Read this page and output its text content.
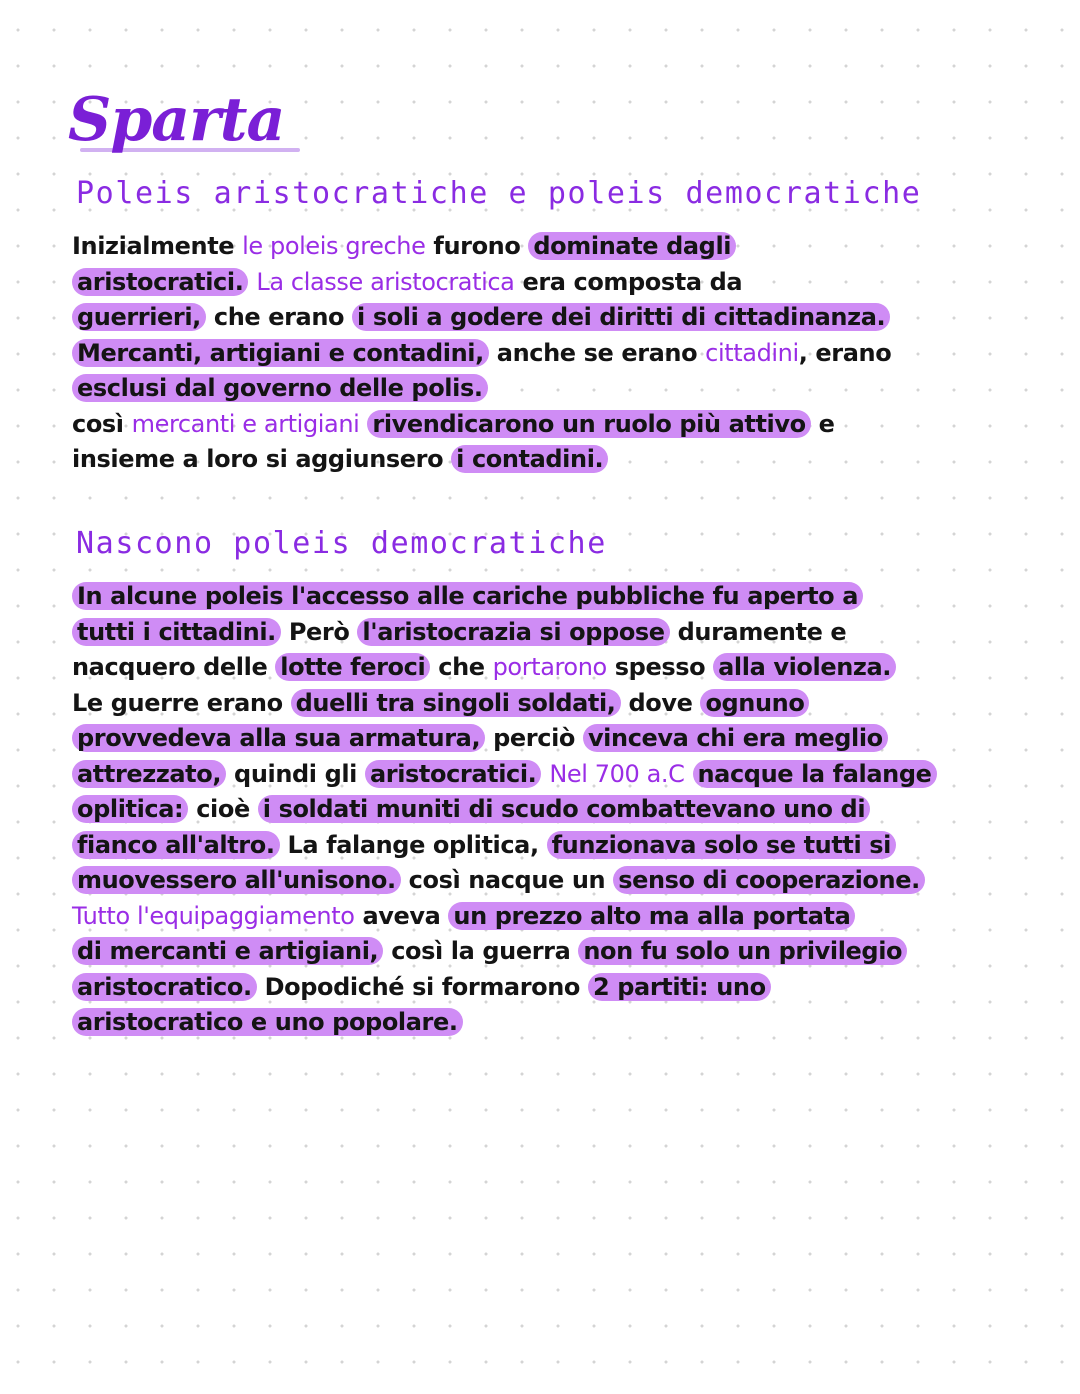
Sparta
Poleis aristocratiche e poleis democratiche

Inizialmente le poleis greche furono dominate dagli
aristocratici. La classe aristocratica era composta da
guerrieri, che erano i soli a godere dei diritti di cittadinanza.
Mercanti, artigiani e contadini, anche se erano cittadini, erano
esclusi dal governo delle polis.
così mercanti e artigiani rivendicarono un ruolo più attivo e
insieme a loro si aggiunsero i contadini.

Nascono poleis democratiche

In alcune poleis l'accesso alle cariche pubbliche fu aperto a
tutti i cittadini. Però l'aristocrazia si oppose duramente e
nacquero delle lotte feroci che portarono spesso alla violenza.
Le guerre erano duelli tra singoli soldati, dove ognuno
provvedeva alla sua armatura, perciò vinceva chi era meglio
attrezzato, quindi gli aristocratici. Nel 700 a.C nacque la falange
oplitica: cioè i soldati muniti di scudo combattevano uno di
fianco all'altro. La falange oplitica, funzionava solo se tutti si
muovessero all'unisono. così nacque un senso di cooperazione.
Tutto l'equipaggiamento aveva un prezzo alto ma alla portata
di mercanti e artigiani, così la guerra non fu solo un privilegio
aristocratico. Dopodiché si formarono 2 partiti: uno
aristocratico e uno popolare.
